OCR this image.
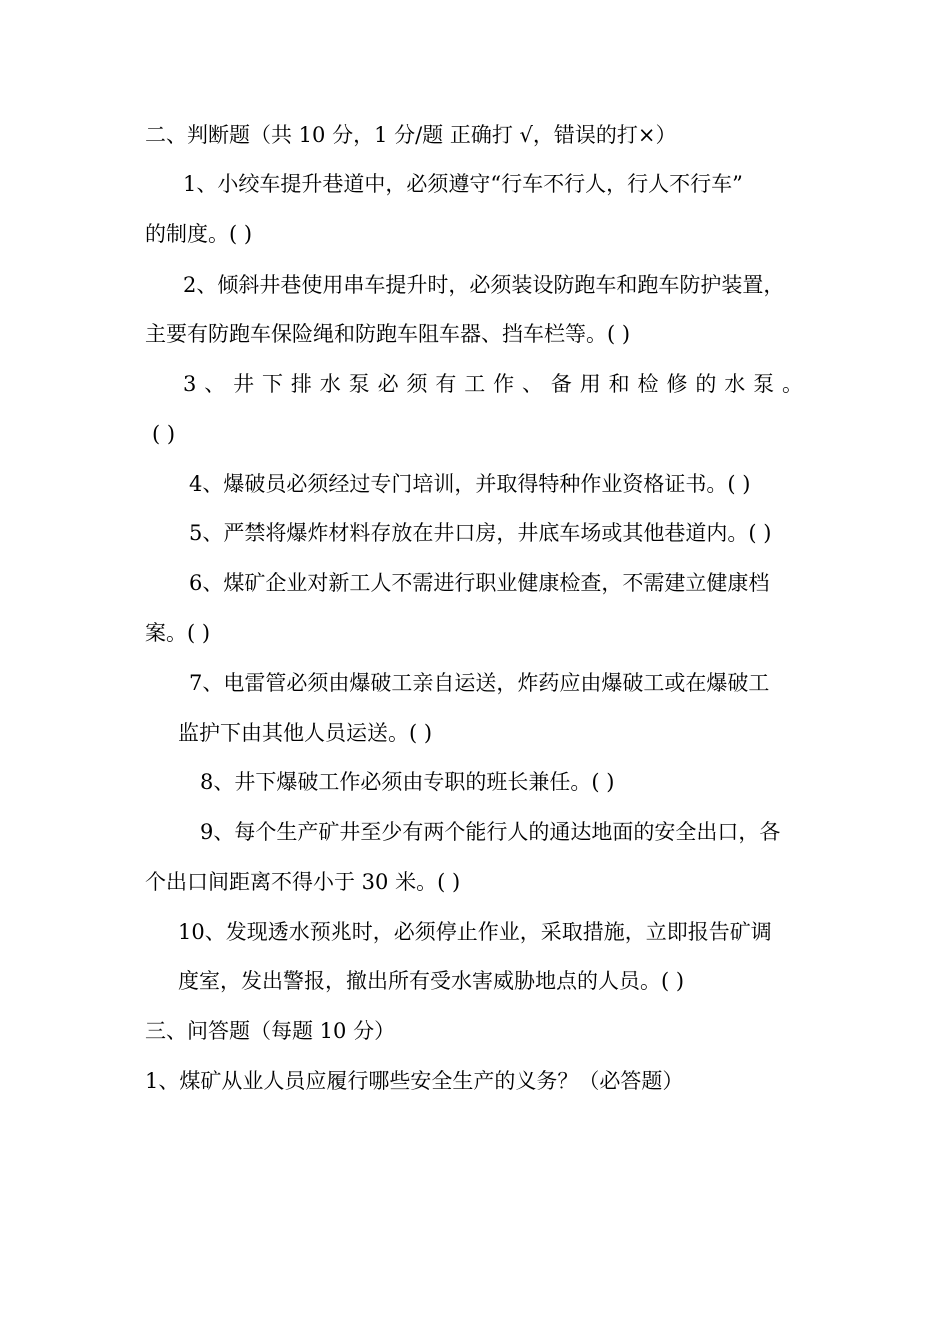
二、判断题（共 10 分，1 分/题 正确打 √，错误的打×）
1、小绞车提升巷道中，必须遵守“行车不行人，行人不行车”
的制度。( )
2、倾斜井巷使用串车提升时，必须装设防跑车和跑车防护装置，
主要有防跑车保险绳和防跑车阻车器、挡车栏等。( )
3、井下排水泵必须有工作、备用和检修的水泵。
( )
4、爆破员必须经过专门培训，并取得特种作业资格证书。( )
5、严禁将爆炸材料存放在井口房，井底车场或其他巷道内。( )
6、煤矿企业对新工人不需进行职业健康检查，不需建立健康档
案。( )
7、电雷管必须由爆破工亲自运送，炸药应由爆破工或在爆破工
监护下由其他人员运送。( )
8、井下爆破工作必须由专职的班长兼任。( )
9、每个生产矿井至少有两个能行人的通达地面的安全出口，各
个出口间距离不得小于 30 米。( )
10、发现透水预兆时，必须停止作业，采取措施，立即报告矿调
度室，发出警报，撤出所有受水害威胁地点的人员。( )
三、问答题（每题 10 分）
1、煤矿从业人员应履行哪些安全生产的义务？（必答题）
